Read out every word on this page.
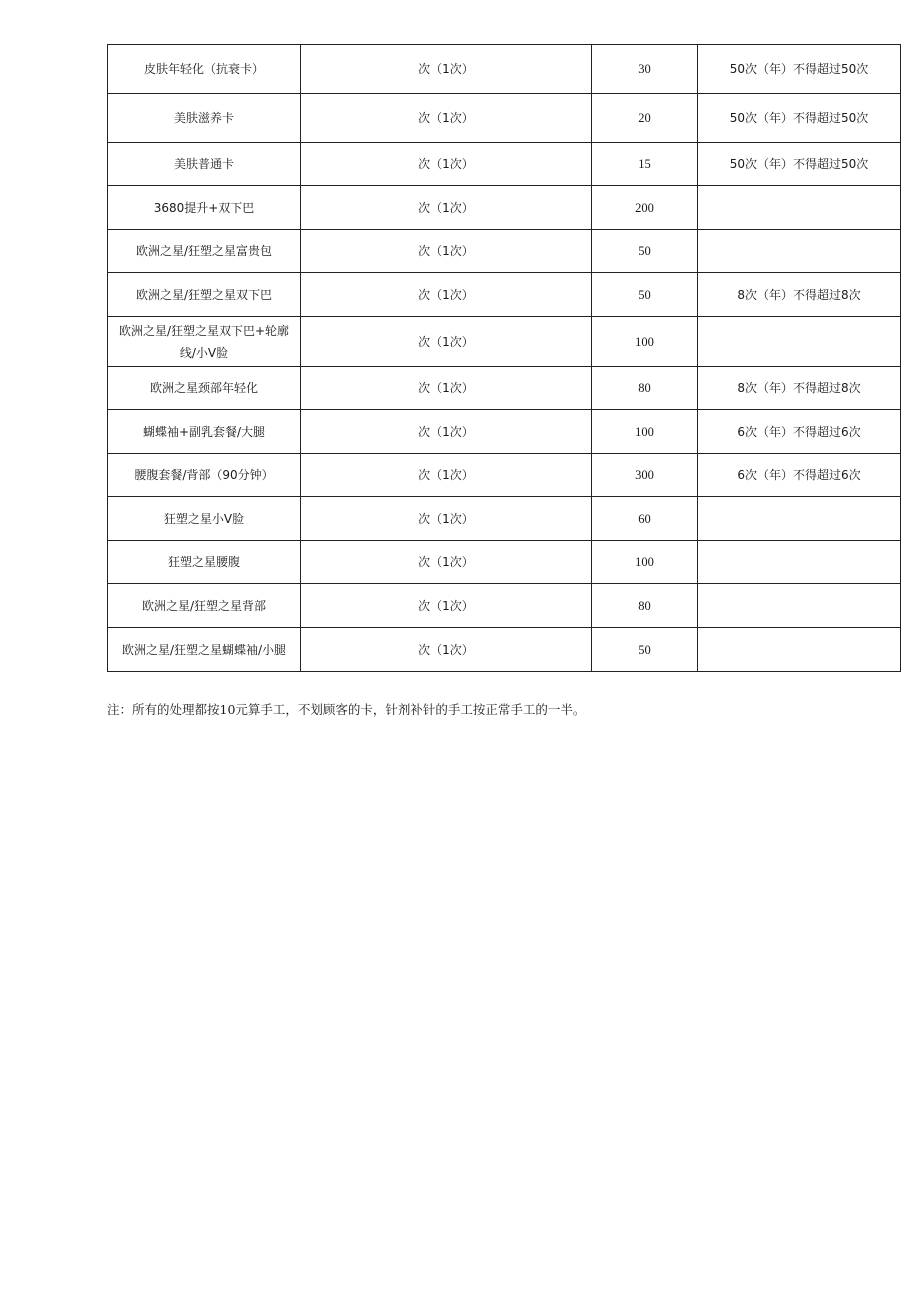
皮肤年轻化（抗衰卡）	次（1次）	30	50次（年）不得超过50次
美肤滋养卡	次（1次）	20	50次（年）不得超过50次
美肤普通卡	次（1次）	15	50次（年）不得超过50次
3680提升+双下巴	次（1次）	200	
欧洲之星/狂塑之星富贵包	次（1次）	50	
欧洲之星/狂塑之星双下巴	次（1次）	50	8次（年）不得超过8次
欧洲之星/狂塑之星双下巴+轮廓线/小V脸	次（1次）	100	
欧洲之星颈部年轻化	次（1次）	80	8次（年）不得超过8次
蝴蝶袖+副乳套餐/大腿	次（1次）	100	6次（年）不得超过6次
腰腹套餐/背部（90分钟）	次（1次）	300	6次（年）不得超过6次
狂塑之星小V脸	次（1次）	60	
狂塑之星腰腹	次（1次）	100	
欧洲之星/狂塑之星背部	次（1次）	80	
欧洲之星/狂塑之星蝴蝶袖/小腿	次（1次）	50	
注：所有的处理都按10元算手工，不划顾客的卡，针剂补针的手工按正常手工的一半。
